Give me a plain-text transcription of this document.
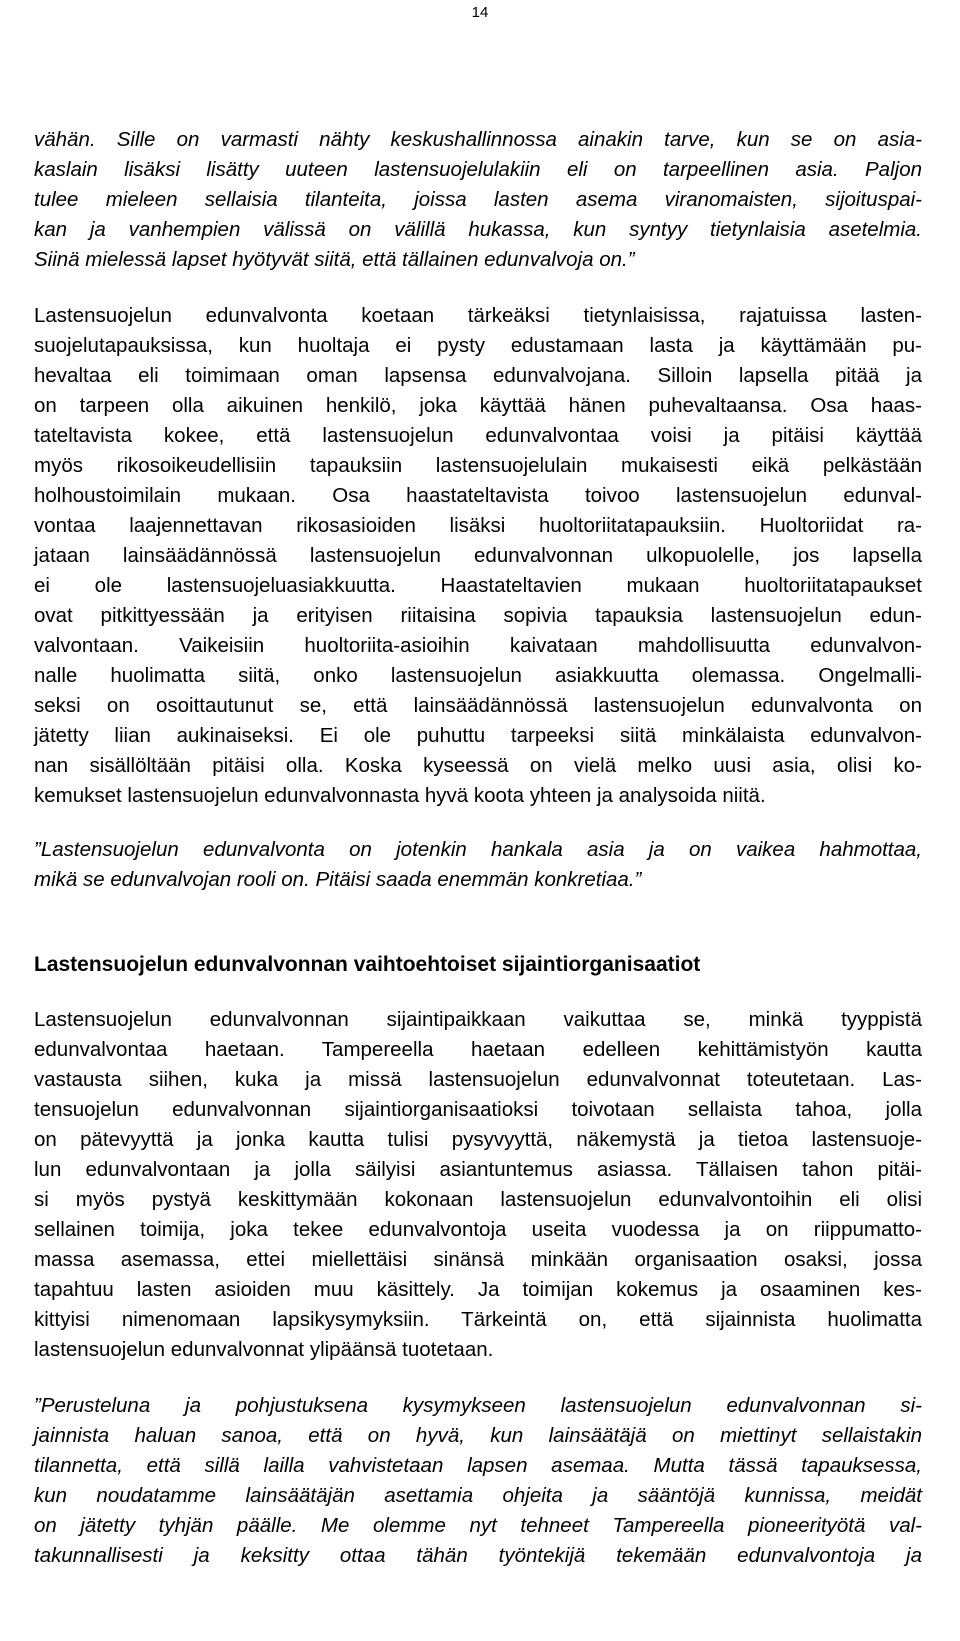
14
vähän. Sille on varmasti nähty keskushallinnossa ainakin tarve, kun se on asia-
kaslain lisäksi lisätty uuteen lastensuojelulakiin eli on tarpeellinen asia. Paljon
tulee mieleen sellaisia tilanteita, joissa lasten asema viranomaisten, sijoituspai-
kan ja vanhempien välissä on välillä hukassa, kun syntyy tietynlaisia asetelmia.
Siinä mielessä lapset hyötyvät siitä, että tällainen edunvalvoja on.”
Lastensuojelun edunvalvonta koetaan tärkeäksi tietynlaisissa, rajatuissa lasten-
suojelutapauksissa, kun huoltaja ei pysty edustamaan lasta ja käyttämään pu-
hevaltaa eli toimimaan oman lapsensa edunvalvojana. Silloin lapsella pitää ja
on tarpeen olla aikuinen henkilö, joka käyttää hänen puhevaltaansa. Osa haas-
tateltavista kokee, että lastensuojelun edunvalvontaa voisi ja pitäisi käyttää
myös rikosoikeudellisiin tapauksiin lastensuojelulain mukaisesti eikä pelkästään
holhoustoimilain mukaan. Osa haastateltavista toivoo lastensuojelun edunval-
vontaa laajennettavan rikosasioiden lisäksi huoltoriitatapauksiin. Huoltoriidat ra-
jataan lainsäädännössä lastensuojelun edunvalvonnan ulkopuolelle, jos lapsella
ei ole lastensuojeluasiakkuutta. Haastateltavien mukaan huoltoriitatapaukset
ovat pitkittyessään ja erityisen riitaisina sopivia tapauksia lastensuojelun edun-
valvontaan. Vaikeisiin huoltoriita-asioihin kaivataan mahdollisuutta edunvalvon-
nalle huolimatta siitä, onko lastensuojelun asiakkuutta olemassa. Ongelmalli-
seksi on osoittautunut se, että lainsäädännössä lastensuojelun edunvalvonta on
jätetty liian aukinaiseksi. Ei ole puhuttu tarpeeksi siitä minkälaista edunvalvon-
nan sisällöltään pitäisi olla. Koska kyseessä on vielä melko uusi asia, olisi ko-
kemukset lastensuojelun edunvalvonnasta hyvä koota yhteen ja analysoida niitä.
”Lastensuojelun edunvalvonta on jotenkin hankala asia ja on vaikea hahmottaa,
mikä se edunvalvojan rooli on. Pitäisi saada enemmän konkretiaa.”
Lastensuojelun edunvalvonnan vaihtoehtoiset sijaintiorganisaatiot
Lastensuojelun edunvalvonnan sijaintipaikkaan vaikuttaa se, minkä tyyppistä
edunvalvontaa haetaan. Tampereella haetaan edelleen kehittämistyön kautta
vastausta siihen, kuka ja missä lastensuojelun edunvalvonnat toteutetaan. Las-
tensuojelun edunvalvonnan sijaintiorganisaatioksi toivotaan sellaista tahoa, jolla
on pätevyyttä ja jonka kautta tulisi pysyvyyttä, näkemystä ja tietoa lastensuoje-
lun edunvalvontaan ja jolla säilyisi asiantuntemus asiassa. Tällaisen tahon pitäi-
si myös pystyä keskittymään kokonaan lastensuojelun edunvalvontoihin eli olisi
sellainen toimija, joka tekee edunvalvontoja useita vuodessa ja on riippumatto-
massa asemassa, ettei miellettäisi sinänsä minkään organisaation osaksi, jossa
tapahtuu lasten asioiden muu käsittely. Ja toimijan kokemus ja osaaminen kes-
kittyisi nimenomaan lapsikysymyksiin. Tärkeintä on, että sijainnista huolimatta
lastensuojelun edunvalvonnat ylipäänsä tuotetaan.
”Perusteluna ja pohjustuksena kysymykseen lastensuojelun edunvalvonnan si-
jainnista haluan sanoa, että on hyvä, kun lainsäätäjä on miettinyt sellaistakin
tilannetta, että sillä lailla vahvistetaan lapsen asemaa. Mutta tässä tapauksessa,
kun noudatamme lainsäätäjän asettamia ohjeita ja sääntöjä kunnissa, meidät
on jätetty tyhjän päälle. Me olemme nyt tehneet Tampereella pioneerityötä val-
takunnallisesti ja keksitty ottaa tähän työntekijä tekemään edunvalvontoja ja
